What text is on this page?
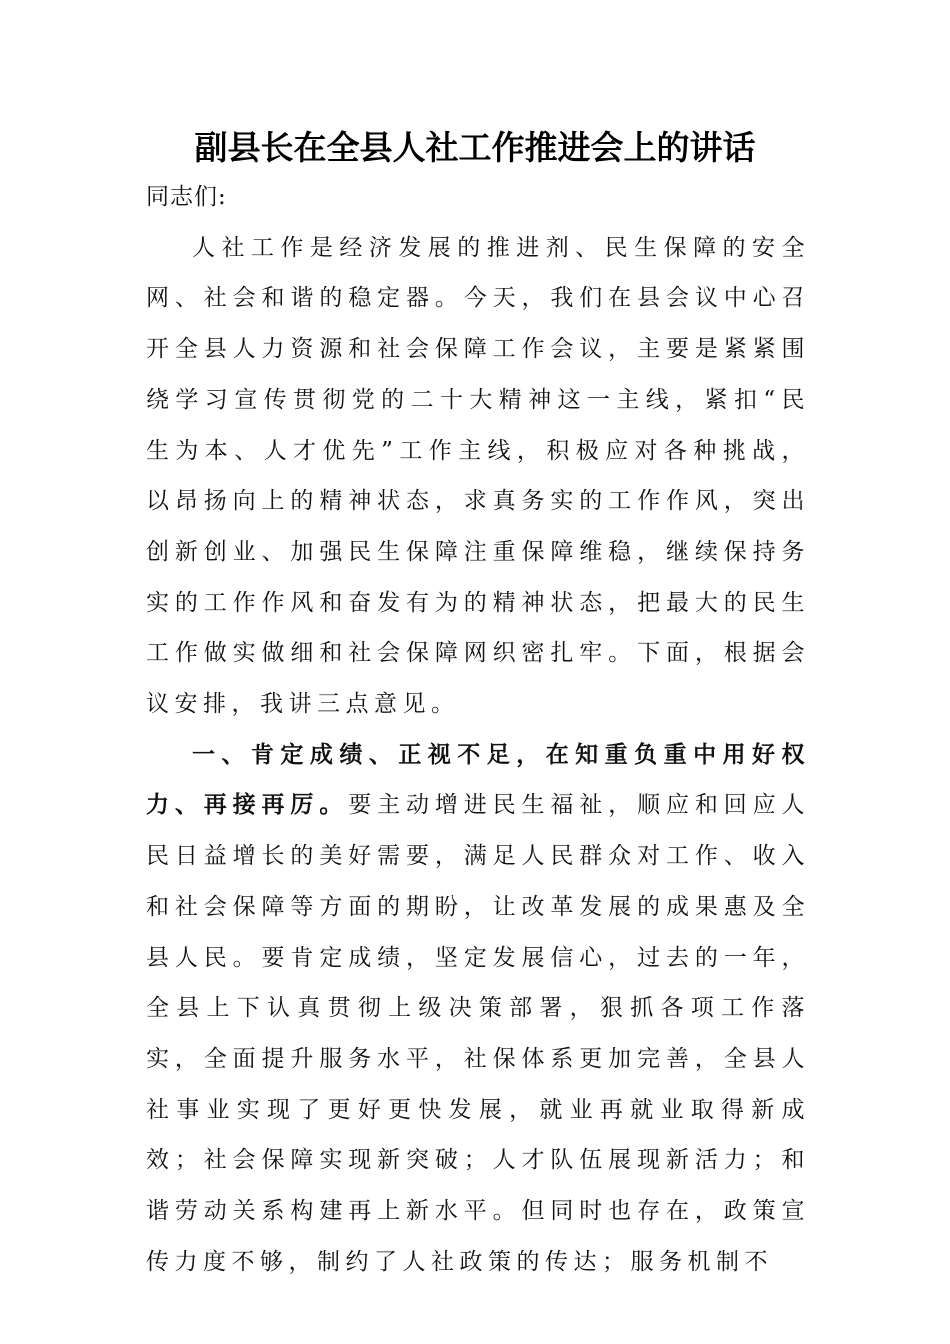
副县长在全县人社工作推进会上的讲话

同志们:

人社工作是经济发展的推进剂、民生保障的安全网、社会和谐的稳定器。今天，我们在县会议中心召开全县人力资源和社会保障工作会议，主要是紧紧围绕学习宣传贯彻党的二十大精神这一主线，紧扣“民生为本、人才优先”工作主线，积极应对各种挑战，以昂扬向上的精神状态，求真务实的工作作风，突出创新创业、加强民生保障注重保障维稳，继续保持务实的工作作风和奋发有为的精神状态，把最大的民生工作做实做细和社会保障网织密扎牢。下面，根据会议安排，我讲三点意见。

一、肯定成绩、正视不足，在知重负重中用好权力、再接再厉。要主动增进民生福祉，顺应和回应人民日益增长的美好需要，满足人民群众对工作、收入和社会保障等方面的期盼，让改革发展的成果惠及全县人民。要肯定成绩，坚定发展信心，过去的一年，全县上下认真贯彻上级决策部署，狠抓各项工作落实，全面提升服务水平，社保体系更加完善，全县人社事业实现了更好更快发展，就业再就业取得新成效；社会保障实现新突破；人才队伍展现新活力；和谐劳动关系构建再上新水平。但同时也存在，政策宣传力度不够，制约了人社政策的传达；服务机制不
